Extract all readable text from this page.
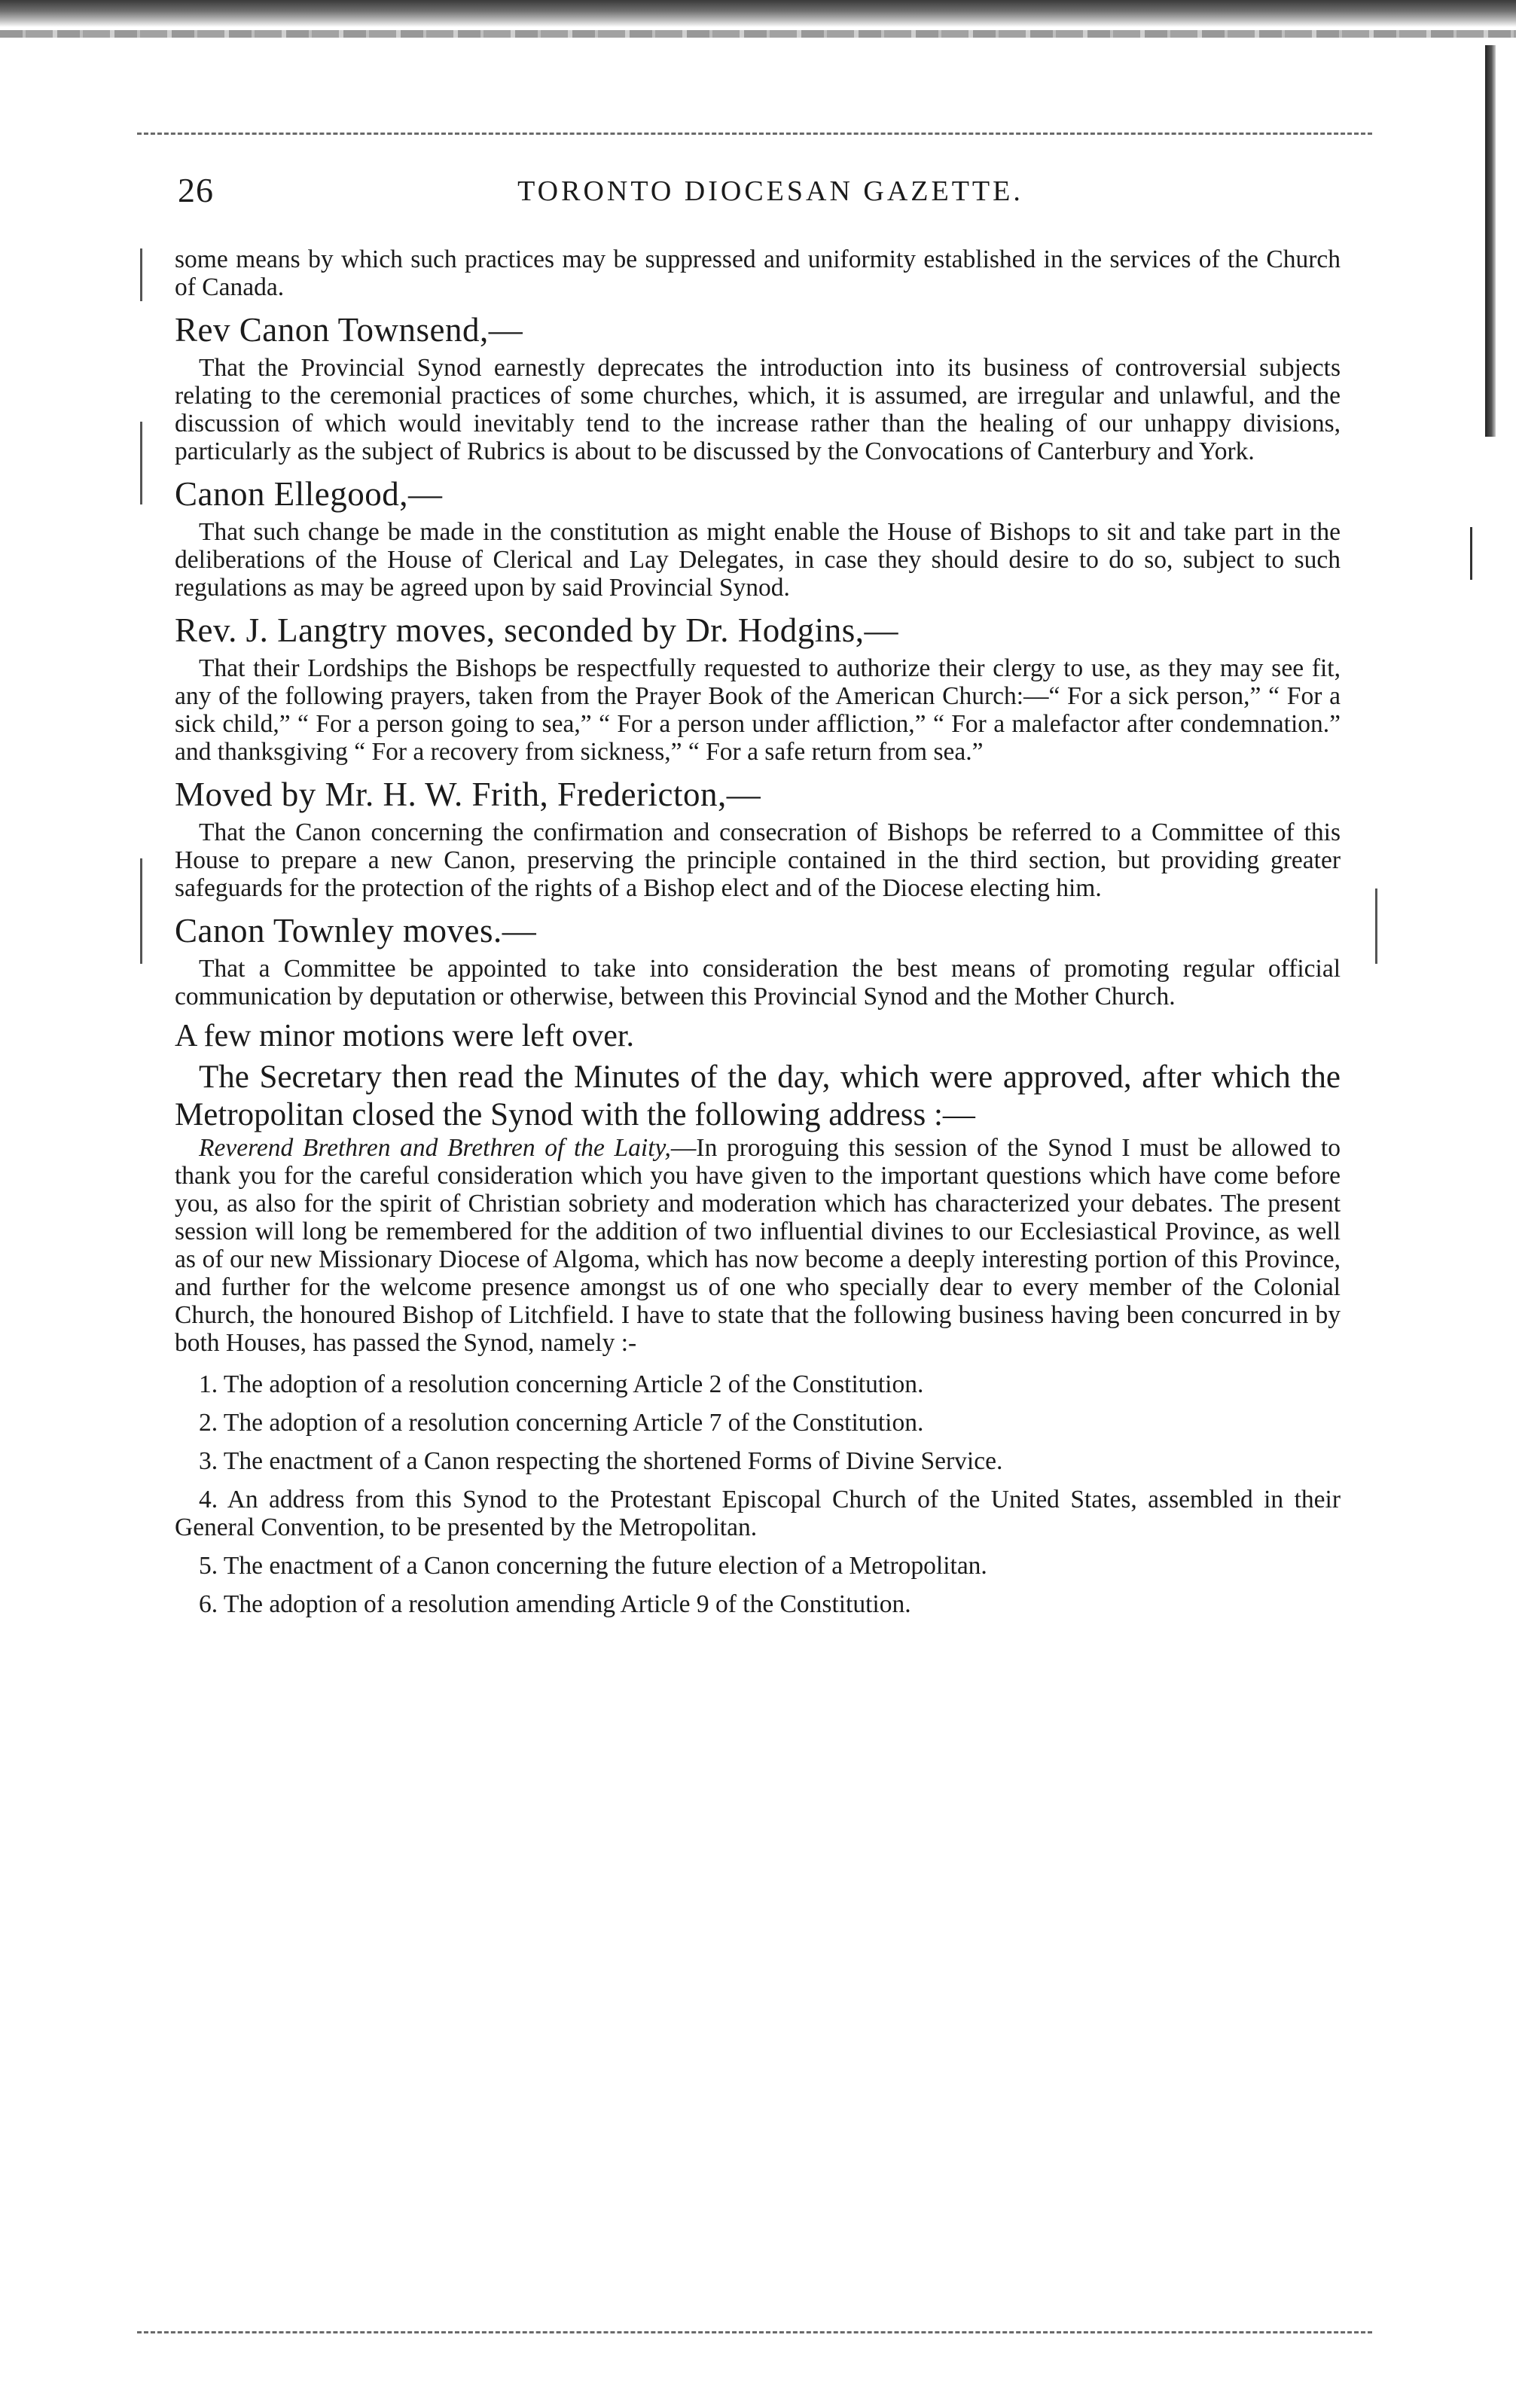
26	TORONTO DIOCESAN GAZETTE.

some means by which such practices may be suppressed and uniformity established in the services of the Church of Canada.

Rev Canon Townsend,—

That the Provincial Synod earnestly deprecates the introduction into its business of controversial subjects relating to the ceremonial practices of some churches, which, it is assumed, are irregular and unlawful, and the discussion of which would inevitably tend to the increase rather than the healing of our unhappy divisions, particularly as the subject of Rubrics is about to be discussed by the Convocations of Canterbury and York.

Canon Ellegood,—

That such change be made in the constitution as might enable the House of Bishops to sit and take part in the deliberations of the House of Clerical and Lay Delegates, in case they should desire to do so, subject to such regulations as may be agreed upon by said Provincial Synod.

Rev. J. Langtry moves, seconded by Dr. Hodgins,—

That their Lordships the Bishops be respectfully requested to authorize their clergy to use, as they may see fit, any of the following prayers, taken from the Prayer Book of the American Church:—“ For a sick person,” “ For a sick child,” “ For a person going to sea,” “ For a person under affliction,” “ For a malefactor after condemnation.” and thanksgiving “ For a recovery from sickness,” “ For a safe return from sea.”

Moved by Mr. H. W. Frith, Fredericton,—

That the Canon concerning the confirmation and consecration of Bishops be referred to a Committee of this House to prepare a new Canon, preserving the principle contained in the third section, but providing greater safeguards for the protection of the rights of a Bishop elect and of the Diocese electing him.

Canon Townley moves.—

That a Committee be appointed to take into consideration the best means of promoting regular official communication by deputation or otherwise, between this Provincial Synod and the Mother Church.

A few minor motions were left over.

The Secretary then read the Minutes of the day, which were approved, after which the Metropolitan closed the Synod with the following address :—

Reverend Brethren and Brethren of the Laity,—In proroguing this session of the Synod I must be allowed to thank you for the careful consideration which you have given to the important questions which have come before you, as also for the spirit of Christian sobriety and moderation which has characterized your debates. The present session will long be remembered for the addition of two influential divines to our Ecclesiastical Province, as well as of our new Missionary Diocese of Algoma, which has now become a deeply interesting portion of this Province, and further for the welcome presence amongst us of one who specially dear to every member of the Colonial Church, the honoured Bishop of Litchfield. I have to state that the following business having been concurred in by both Houses, has passed the Synod, namely :-

1. The adoption of a resolution concerning Article 2 of the Constitution.
2. The adoption of a resolution concerning Article 7 of the Constitution.
3. The enactment of a Canon respecting the shortened Forms of Divine Service.
4. An address from this Synod to the Protestant Episcopal Church of the United States, assembled in their General Convention, to be presented by the Metropolitan.
5. The enactment of a Canon concerning the future election of a Metropolitan.
6. The adoption of a resolution amending Article 9 of the Constitution.
